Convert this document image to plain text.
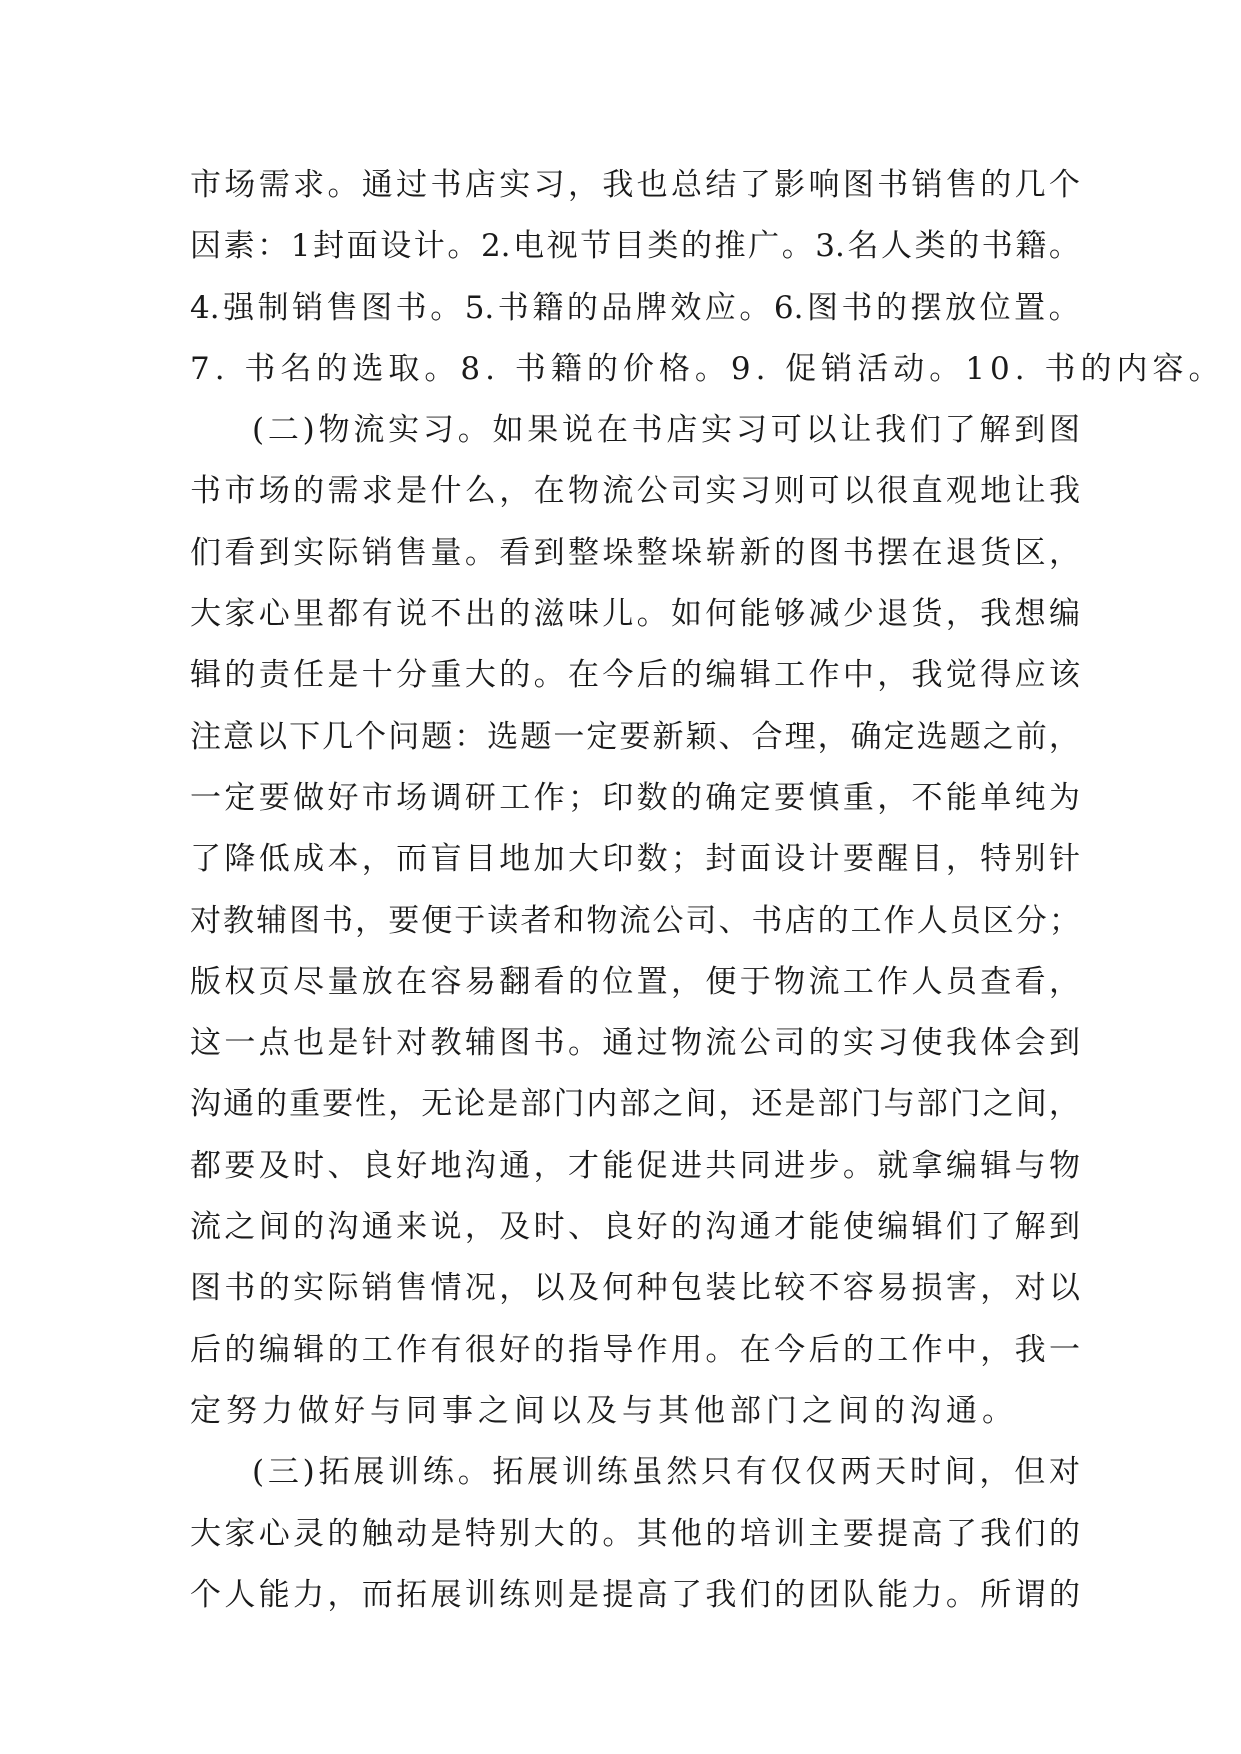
市 场 需 求 。 通 过 书 店 实 习 ， 我 也 总 结 了 影 响 图 书 销 售 的 几 个
因 素 ： 1 封 面 设 计 。 2. 电 视 节 目 类 的 推 广 。 3. 名 人 类 的 书 籍 。
4. 强 制 销 售 图 书 。 5. 书 籍 的 品 牌 效 应 。 6. 图 书 的 摆 放 位 置 。
7. 书名的选取。8. 书籍的价格。9. 促销活动。10. 书的内容。
( 二 ) 物 流 实 习 。 如 果 说 在 书 店 实 习 可 以 让 我 们 了 解 到 图
书 市 场 的 需 求 是 什 么 ， 在 物 流 公 司 实 习 则 可 以 很 直 观 地 让 我
们 看 到 实 际 销 售 量 。 看 到 整 垛 整 垛 崭 新 的 图 书 摆 在 退 货 区 ，
大 家 心 里 都 有 说 不 出 的 滋 味 儿 。 如 何 能 够 减 少 退 货 ， 我 想 编
辑 的 责 任 是 十 分 重 大 的 。 在 今 后 的 编 辑 工 作 中 ， 我 觉 得 应 该
注 意 以 下 几 个 问 题 ： 选 题 一 定 要 新 颖 、 合 理 ， 确 定 选 题 之 前 ，
一 定 要 做 好 市 场 调 研 工 作 ； 印 数 的 确 定 要 慎 重 ， 不 能 单 纯 为
了 降 低 成 本 ， 而 盲 目 地 加 大 印 数 ； 封 面 设 计 要 醒 目 ， 特 别 针
对 教 辅 图 书 ， 要 便 于 读 者 和 物 流 公 司 、 书 店 的 工 作 人 员 区 分 ；
版 权 页 尽 量 放 在 容 易 翻 看 的 位 置 ， 便 于 物 流 工 作 人 员 查 看 ，
这 一 点 也 是 针 对 教 辅 图 书 。 通 过 物 流 公 司 的 实 习 使 我 体 会 到
沟 通 的 重 要 性 ， 无 论 是 部 门 内 部 之 间 ， 还 是 部 门 与 部 门 之 间 ，
都 要 及 时 、 良 好 地 沟 通 ， 才 能 促 进 共 同 进 步 。 就 拿 编 辑 与 物
流 之 间 的 沟 通 来 说 ， 及 时 、 良 好 的 沟 通 才 能 使 编 辑 们 了 解 到
图 书 的 实 际 销 售 情 况 ， 以 及 何 种 包 装 比 较 不 容 易 损 害 ， 对 以
后 的 编 辑 的 工 作 有 很 好 的 指 导 作 用 。 在 今 后 的 工 作 中 ， 我 一
定努力做好与同事之间以及与其他部门之间的沟通。
( 三 ) 拓 展 训 练 。 拓 展 训 练 虽 然 只 有 仅 仅 两 天 时 间 ， 但 对
大 家 心 灵 的 触 动 是 特 别 大 的 。 其 他 的 培 训 主 要 提 高 了 我 们 的
个 人 能 力 ， 而 拓 展 训 练 则 是 提 高 了 我 们 的 团 队 能 力 。 所 谓 的
